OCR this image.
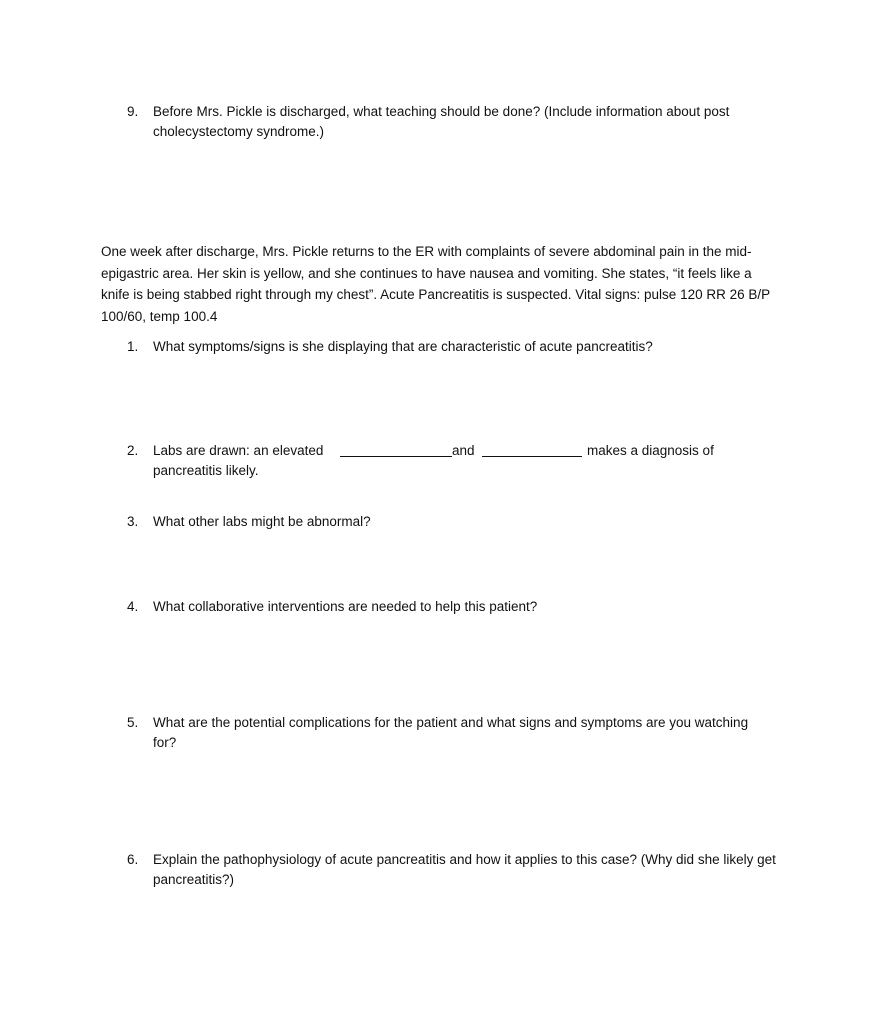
9.	Before Mrs. Pickle is discharged, what teaching should be done? (Include information about post cholecystectomy syndrome.)
One week after discharge, Mrs. Pickle returns to the ER with complaints of severe abdominal pain in the mid-epigastric area. Her skin is yellow, and she continues to have nausea and vomiting. She states, “it feels like a knife is being stabbed right through my chest”. Acute Pancreatitis is suspected. Vital signs: pulse 120 RR 26 B/P 100/60, temp 100.4
1.	What symptoms/signs is she displaying that are characteristic of acute pancreatitis?
2.	Labs are drawn: an elevated	and	makes a diagnosis of
pancreatitis likely.
3.	What other labs might be abnormal?
4.	What collaborative interventions are needed to help this patient?
5.	What are the potential complications for the patient and what signs and symptoms are you watching for?
6.	Explain the pathophysiology of acute pancreatitis and how it applies to this case? (Why did she likely get pancreatitis?)
